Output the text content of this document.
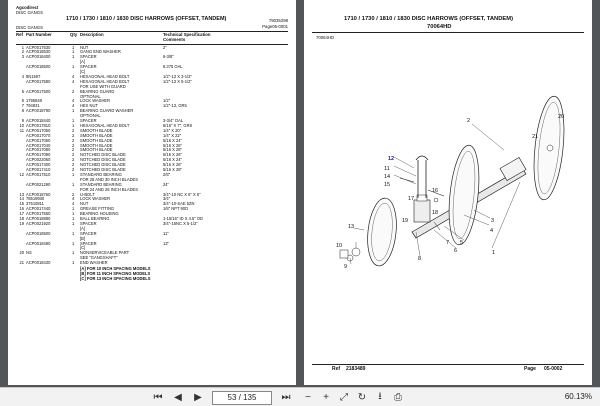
Agcodirect
DISC GANGS
1710 / 1730 / 1810 / 1830 DISC HARROWS (OFFSET, TANDEM)
DISC GANGS
79035298
Page05-0001
Ref Part Number	Qty Description	Technical Specification
Comments
1 ACP0017530	1 NUT	2"
2 ACP0018530	1 GANG END WASHER
3 ACP0018400	1 SPACER	6-3/8"
[A]
ACP0018500	1 SPACER	8.375 OAL
[C]
4 8N1597	4 HEXAGONAL HEAD BOLT	1/2"-13 X 3-1/2"
ACP0017580	4 HEXAGONAL HEAD BOLT	1/2"-13 X 5-1/2"
FOR USE WITH GUARD
5 ACP0017500	2 BEARING GUARD
OPTIONAL
6 1795848	4 LOCK WASHER	1/2"
7 794831	4 HEX NUT	1/2"-13, GR5
8 ACP0018790	1 BEARING GUARD WASHER
OPTIONAL
9 ACP0018440	1 SPACER	3-3/4" OAL
10 ACP0017810	1 HEXAGONAL HEAD BOLT	5/16" X 7", GR8
11 ACP0017050	2 SMOOTH BLADE	1/4" X 20"
ACP0017070	2 SMOOTH BLADE	1/4" X 22"
ACP0017060	2 SMOOTH BLADE	5/16 X 24"
ACP0017040	2 SMOOTH BLADE	5/16 X 26"
ACP0017080	2 SMOOTH BLADE	5/16 X 28"
ACP0017090	2 NOTCHED DISC BLADE	5/16 X 26"
ACP0022060	2 NOTCHED DISC BLADE	5/16 X 24"
ACP0017400	2 NOTCHED DISC BLADE	5/16 X 26"
ACP0017410	2 NOTCHED DISC BLADE	5/16 X 28"
12 ACP0017510	1 STANDARD BEARING	2/8"
FOR 28 AND 30 INCH BLADES
ACP0021290	1 STANDARD BEARING	24"
FOR 24 AND 26 INCH BLADES
13 ACP0018760	2 U-BOLT	3/4"-10 NC X 6" X 6"
14 78519930	4 LOCK WASHER	3/4"
15 37510811	4 NUT	3/4"-10-SAE 5ZN
16 ACP0017440	1 GREASE FITTING	1/8" NPT 90D
17 ACP0017560	1 BEARING HOUSING
18 ACP0018880	1 BALL BEARING	1-15/16" ID X 4.5" OD
19 ACP0021920	1 SPACER	3/4"-16NC X 5-1/2"
[A]
ACP0018500	1 SPACER	11"
[B]
ACP0018490	1 SPACER	13"
[C]
20 NS	1 NONSERVICEABLE PART
SEE "GANGSHAFT"
21 ACP0018430	1 END WASHER
[A] FOR 10 INCH SPACING MODELS
[B] FOR 11 INCH SPACING MODELS
[C] FOR 13 INCH SPACING MODELS
1710 / 1730 / 1810 / 1830 DISC HARROWS (OFFSET, TANDEM)
70064HD
70064HD
2
3
4
5
1
6
7
8
9
10
11
12
13
14
15
16
17
18
19
20
21
Ref 2183489	Page 05-0002
⏮	◀	▶	53 / 135	⏭	−	+	⤢ ↻	⭳	⎙	60.13%
